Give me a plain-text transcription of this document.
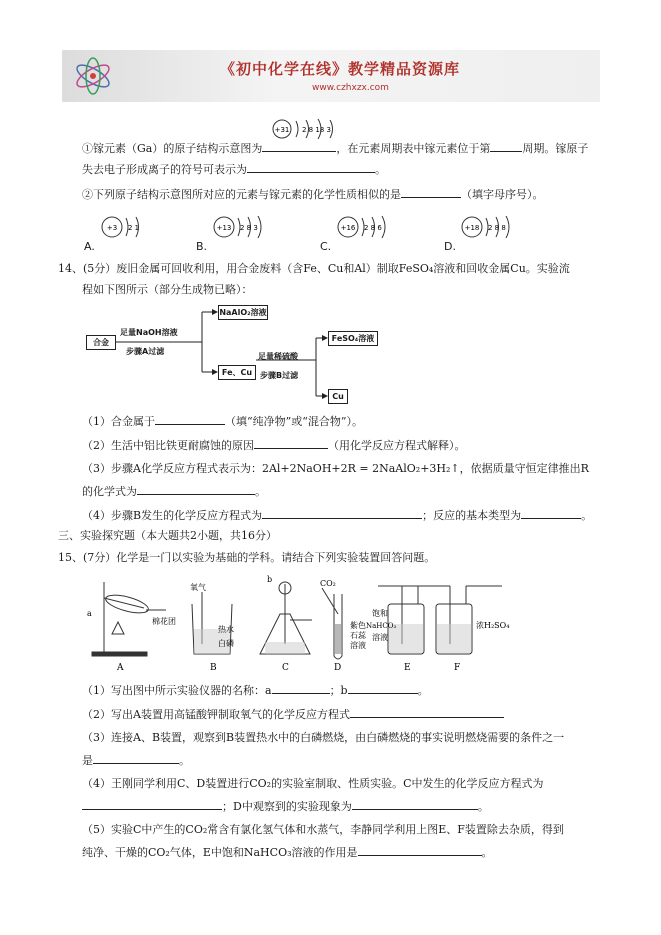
《初中化学在线》教学精品资源库
www.czhxzx.com
+31 2 8 18 3
①镓元素（Ga）的原子结构示意图为	，在元素周期表中镓元素位于第	周期。镓原子
失去电子形成离子的符号可表示为	。
②下列原子结构示意图所对应的元素与镓元素的化学性质相似的是	（填字母序号）。
A.
+3 2 1
B.
+13 2 8 3
C.
+16 2 8 6
D.
+18 2 8 8
14、(5分）废旧金属可回收利用，用合金废料（含Fe、Cu和Al）制取FeSO₄溶液和回收金属Cu。实验流
程如下图所示（部分生成物已略）：
合金
足量NaOH溶液
步骤A过滤
NaAlO₂溶液
Fe、Cu
足量稀硫酸
步骤B过滤
FeSO₄溶液
Cu
（1）合金属于	（填“纯净物”或“混合物”）。
（2）生活中铝比铁更耐腐蚀的原因	（用化学反应方程式解释）。
（3）步骤A化学反应方程式表示为：2Al+2NaOH+2R = 2NaAlO₂+3H₂↑，依据质量守恒定律推出R
的化学式为	。
（4）步骤B发生的化学反应方程式为	；反应的基本类型为	。
三、实验探究题（本大题共2小题，共16分）
15、(7分）化学是一门以实验为基础的学科。请结合下列实验装置回答问题。
a
棉花团
A
氧气
热水
白磷
B
b
C
CO₂
紫色
石蕊
溶液
D
饱和
NaHCO₃
溶液
E
浓H₂SO₄
F
（1）写出图中所示实验仪器的名称：a	；b	。
（2）写出A装置用高锰酸钾制取氧气的化学反应方程式
（3）连接A、B装置，观察到B装置热水中的白磷燃烧，由白磷燃烧的事实说明燃烧需要的条件之一
是	。
（4）王刚同学利用C、D装置进行CO₂的实验室制取、性质实验。C中发生的化学反应方程式为
；D中观察到的实验现象为	。
（5）实验C中产生的CO₂常含有氯化氢气体和水蒸气，李静同学利用上图E、F装置除去杂质，得到
纯净、干燥的CO₂气体，E中饱和NaHCO₃溶液的作用是	。
